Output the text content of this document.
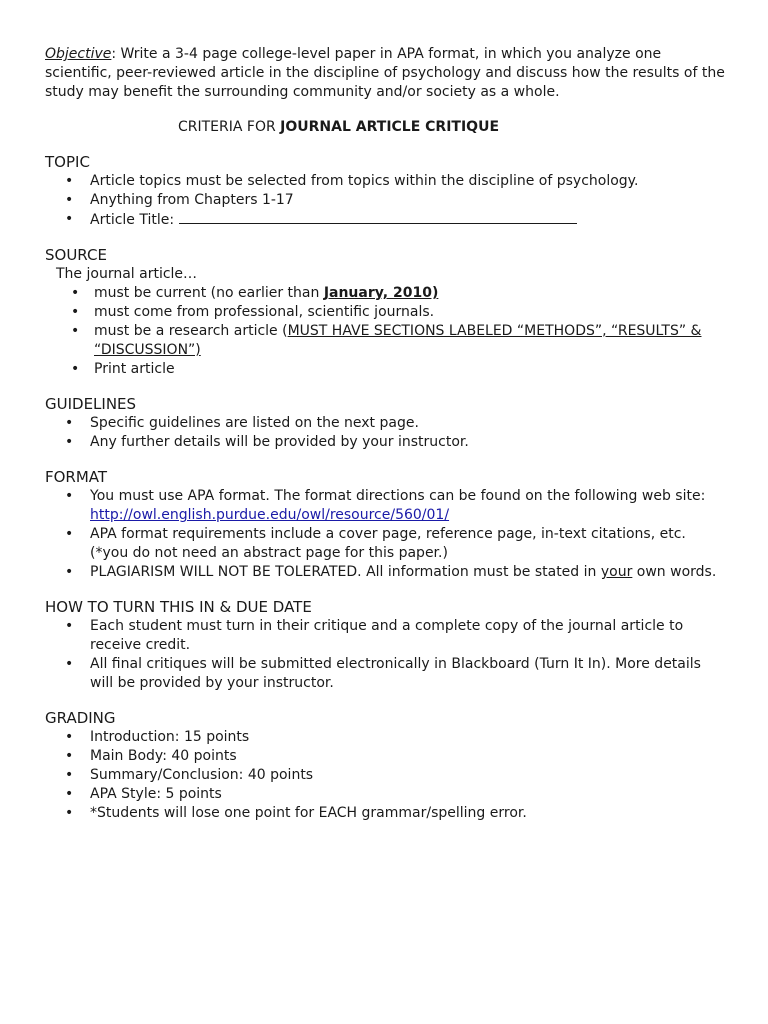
Objective: Write a 3-4 page college-level paper in APA format, in which you analyze one scientific, peer-reviewed article in the discipline of psychology and discuss how the results of the study may benefit the surrounding community and/or society as a whole.

CRITERIA FOR JOURNAL ARTICLE CRITIQUE

TOPIC

• Article topics must be selected from topics within the discipline of psychology.
• Anything from Chapters 1-17
• Article Title:

SOURCE

The journal article…

• must be current (no earlier than January, 2010)
• must come from professional, scientific journals.
• must be a research article (MUST HAVE SECTIONS LABELED “METHODS”, “RESULTS” & “DISCUSSION”)
• Print article

GUIDELINES

• Specific guidelines are listed on the next page.
• Any further details will be provided by your instructor.

FORMAT

• You must use APA format. The format directions can be found on the following web site: http://owl.english.purdue.edu/owl/resource/560/01/
• APA format requirements include a cover page, reference page, in-text citations, etc. (*you do not need an abstract page for this paper.)
• PLAGIARISM WILL NOT BE TOLERATED. All information must be stated in your own words.

HOW TO TURN THIS IN & DUE DATE

• Each student must turn in their critique and a complete copy of the journal article to receive credit.
• All final critiques will be submitted electronically in Blackboard (Turn It In). More details will be provided by your instructor.

GRADING

• Introduction: 15 points
• Main Body: 40 points
• Summary/Conclusion: 40 points
• APA Style: 5 points
• *Students will lose one point for EACH grammar/spelling error.
